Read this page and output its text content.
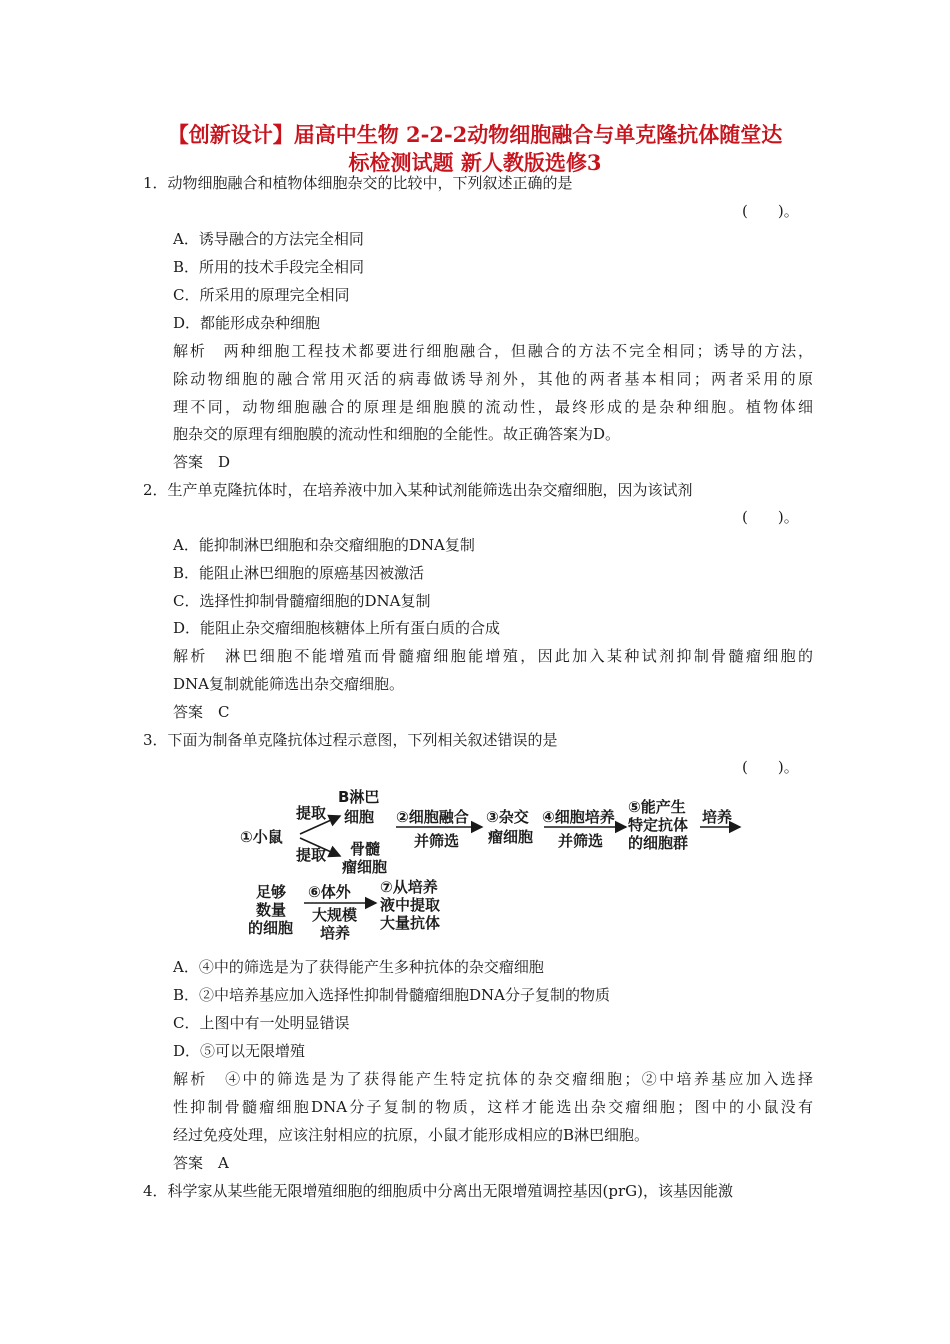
【创新设计】届高中生物 2-2-2动物细胞融合与单克隆抗体随堂达
标检测试题 新人教版选修3
1．动物细胞融合和植物体细胞杂交的比较中，下列叙述正确的是
(　　)。
A．诱导融合的方法完全相同
B．所用的技术手段完全相同
C．所采用的原理完全相同
D．都能形成杂种细胞
解析　两种细胞工程技术都要进行细胞融合，但融合的方法不完全相同；诱导的方法，
除动物细胞的融合常用灭活的病毒做诱导剂外，其他的两者基本相同；两者采用的原
理不同，动物细胞融合的原理是细胞膜的流动性，最终形成的是杂种细胞。植物体细
胞杂交的原理有细胞膜的流动性和细胞的全能性。故正确答案为D。
答案　D
2．生产单克隆抗体时，在培养液中加入某种试剂能筛选出杂交瘤细胞，因为该试剂
(　　)。
A．能抑制淋巴细胞和杂交瘤细胞的DNA复制
B．能阻止淋巴细胞的原癌基因被激活
C．选择性抑制骨髓瘤细胞的DNA复制
D．能阻止杂交瘤细胞核糖体上所有蛋白质的合成
解析　淋巴细胞不能增殖而骨髓瘤细胞能增殖，因此加入某种试剂抑制骨髓瘤细胞的
DNA复制就能筛选出杂交瘤细胞。
答案　C
3．下面为制备单克隆抗体过程示意图，下列相关叙述错误的是
(　　)。
①小鼠
提取
提取
B淋巴
细胞
骨髓
瘤细胞
②细胞融合
并筛选
③杂交
瘤细胞
④细胞培养
并筛选
⑤能产生
特定抗体
的细胞群
培养
足够
数量
的细胞
⑥体外
大规模
培养
⑦从培养
液中提取
大量抗体
A．④中的筛选是为了获得能产生多种抗体的杂交瘤细胞
B．②中培养基应加入选择性抑制骨髓瘤细胞DNA分子复制的物质
C．上图中有一处明显错误
D．⑤可以无限增殖
解析　④中的筛选是为了获得能产生特定抗体的杂交瘤细胞；②中培养基应加入选择
性抑制骨髓瘤细胞DNA分子复制的物质，这样才能选出杂交瘤细胞；图中的小鼠没有
经过免疫处理，应该注射相应的抗原，小鼠才能形成相应的B淋巴细胞。
答案　A
4．科学家从某些能无限增殖细胞的细胞质中分离出无限增殖调控基因(prG)，该基因能激
